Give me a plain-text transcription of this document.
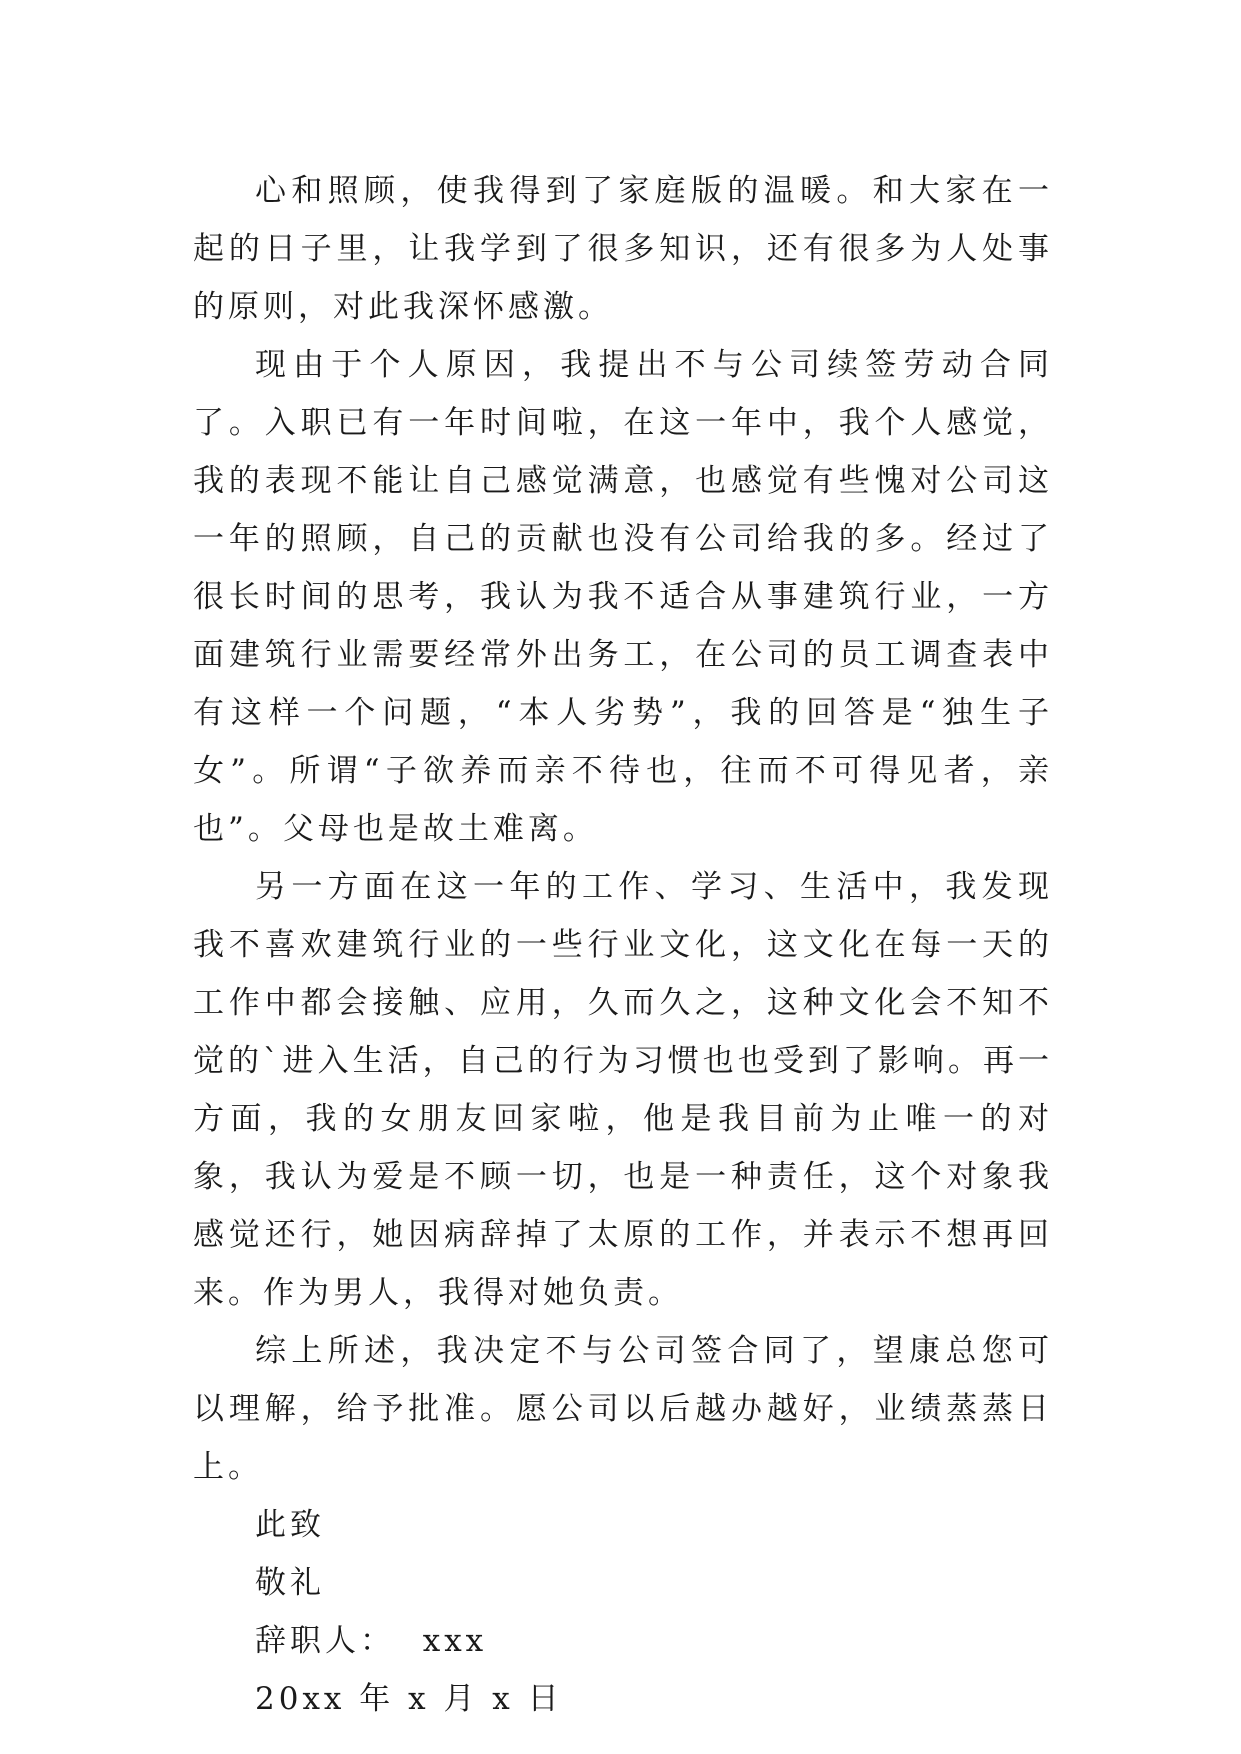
心和照顾，使我得到了家庭版的温暖。和大家在一起的日子里，让我学到了很多知识，还有很多为人处事的原则，对此我深怀感激。

现由于个人原因，我提出不与公司续签劳动合同了。入职已有一年时间啦，在这一年中，我个人感觉，我的表现不能让自己感觉满意，也感觉有些愧对公司这一年的照顾，自己的贡献也没有公司给我的多。经过了很长时间的思考，我认为我不适合从事建筑行业，一方面建筑行业需要经常外出务工，在公司的员工调查表中有这样一个问题，“本人劣势”，我的回答是“独生子女”。所谓“子欲养而亲不待也，往而不可得见者，亲也”。父母也是故土难离。

另一方面在这一年的工作、学习、生活中，我发现我不喜欢建筑行业的一些行业文化，这文化在每一天的工作中都会接触、应用，久而久之，这种文化会不知不觉的`进入生活，自己的行为习惯也也受到了影响。再一方面，我的女朋友回家啦，他是我目前为止唯一的对象，我认为爱是不顾一切，也是一种责任，这个对象我感觉还行，她因病辞掉了太原的工作，并表示不想再回来。作为男人，我得对她负责。

综上所述，我决定不与公司签合同了，望康总您可以理解，给予批准。愿公司以后越办越好，业绩蒸蒸日上。

此致

敬礼

辞职人：  xxx

20xx 年 x 月 x 日
